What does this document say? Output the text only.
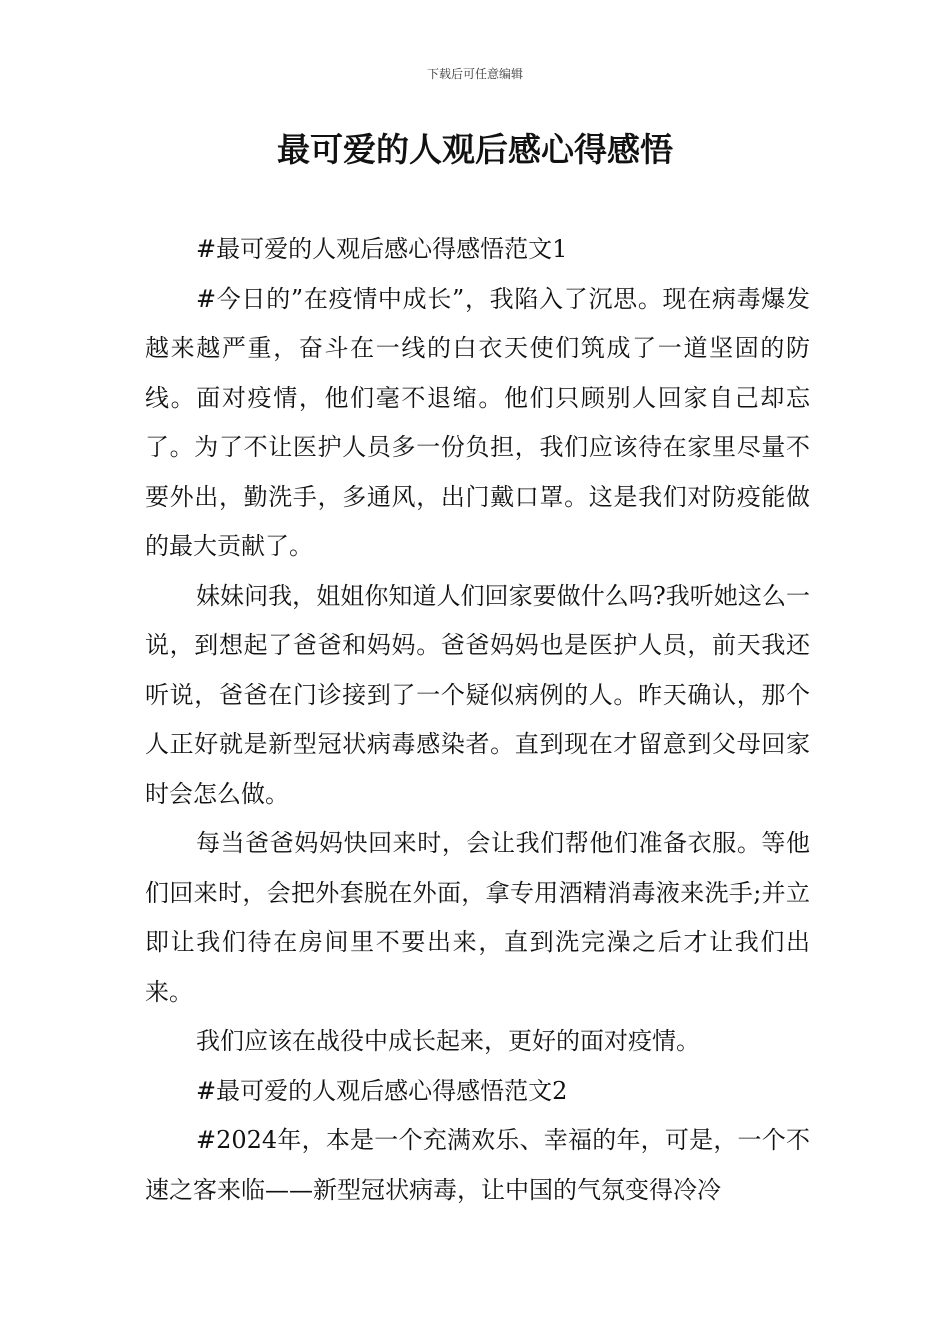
下载后可任意编辑
最可爱的人观后感心得感悟

#最可爱的人观后感心得感悟范文1

#今日的”在疫情中成长”，我陷入了沉思。现在病毒爆发越来越严重，奋斗在一线的白衣天使们筑成了一道坚固的防线。面对疫情，他们毫不退缩。他们只顾别人回家自己却忘了。为了不让医护人员多一份负担，我们应该待在家里尽量不要外出，勤洗手，多通风，出门戴口罩。这是我们对防疫能做的最大贡献了。

妹妹问我，姐姐你知道人们回家要做什么吗?我听她这么一说，到想起了爸爸和妈妈。爸爸妈妈也是医护人员，前天我还听说，爸爸在门诊接到了一个疑似病例的人。昨天确认，那个人正好就是新型冠状病毒感染者。直到现在才留意到父母回家时会怎么做。

每当爸爸妈妈快回来时，会让我们帮他们准备衣服。等他们回来时，会把外套脱在外面，拿专用酒精消毒液来洗手;并立即让我们待在房间里不要出来，直到洗完澡之后才让我们出来。

我们应该在战役中成长起来，更好的面对疫情。

#最可爱的人观后感心得感悟范文2

#2024年，本是一个充满欢乐、幸福的年，可是，一个不速之客来临——新型冠状病毒，让中国的气氛变得冷冷
